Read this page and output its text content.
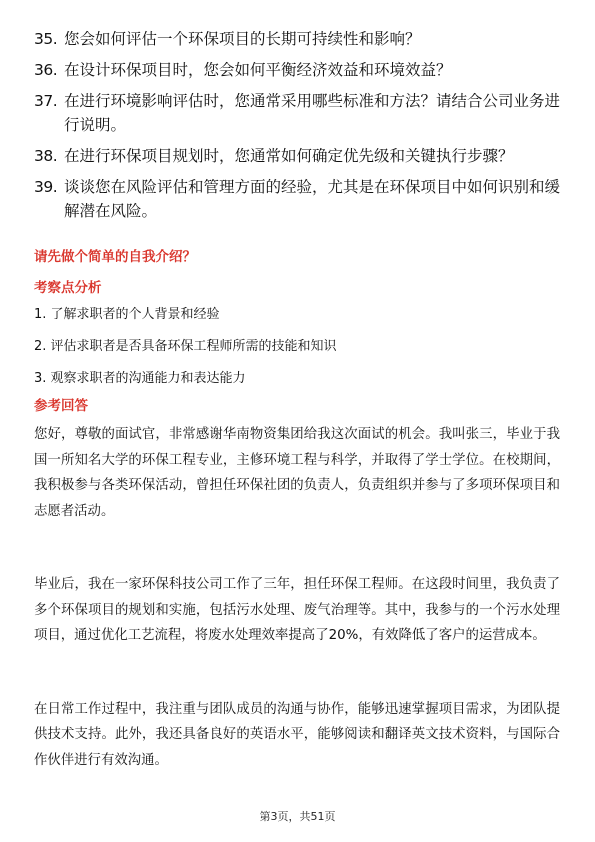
35. 您会如何评估一个环保项目的长期可持续性和影响？
36. 在设计环保项目时，您会如何平衡经济效益和环境效益？
37. 在进行环境影响评估时，您通常采用哪些标准和方法？请结合公司业务进行说明。
38. 在进行环保项目规划时，您通常如何确定优先级和关键执行步骤？
39. 谈谈您在风险评估和管理方面的经验，尤其是在环保项目中如何识别和缓解潜在风险。
请先做个简单的自我介绍？
考察点分析
1. 了解求职者的个人背景和经验
2. 评估求职者是否具备环保工程师所需的技能和知识
3. 观察求职者的沟通能力和表达能力
参考回答

您好，尊敬的面试官，非常感谢华南物资集团给我这次面试的机会。我叫张三，毕业于我国一所知名大学的环保工程专业，主修环境工程与科学，并取得了学士学位。在校期间，我积极参与各类环保活动，曾担任环保社团的负责人，负责组织并参与了多项环保项目和志愿者活动。

毕业后，我在一家环保科技公司工作了三年，担任环保工程师。在这段时间里，我负责了多个环保项目的规划和实施，包括污水处理、废气治理等。其中，我参与的一个污水处理项目，通过优化工艺流程，将废水处理效率提高了20%，有效降低了客户的运营成本。

在日常工作过程中，我注重与团队成员的沟通与协作，能够迅速掌握项目需求，为团队提供技术支持。此外，我还具备良好的英语水平，能够阅读和翻译英文技术资料，与国际合作伙伴进行有效沟通。

第3页，共51页
